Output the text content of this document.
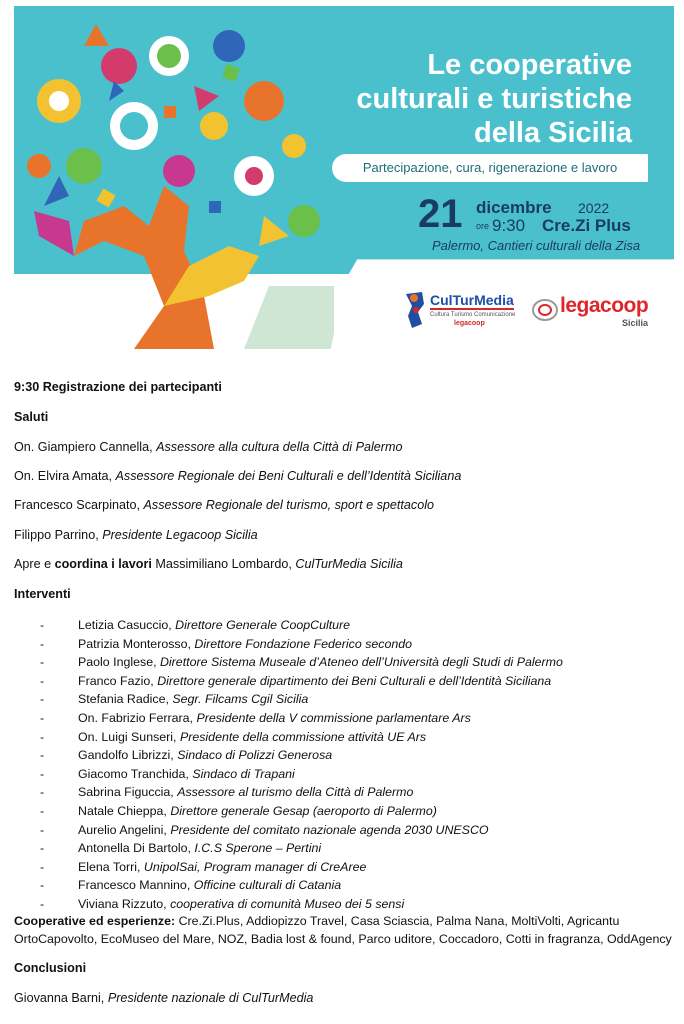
Le cooperative
culturali e turistiche
della Sicilia
Partecipazione, cura, rigenerazione e lavoro
21 dicembre 2022
ore 9:30 Cre.Zi Plus
Palermo, Cantieri culturali della Zisa
CulTurMedia
Cultura Turismo Comunicazione
legacoop
legacoop
Sicilia
9:30 Registrazione dei partecipanti
Saluti
On. Giampiero Cannella, Assessore alla cultura della Città di Palermo
On. Elvira Amata, Assessore Regionale dei Beni Culturali e dell’Identità Siciliana
Francesco Scarpinato, Assessore Regionale del turismo, sport e spettacolo
Filippo Parrino, Presidente Legacoop Sicilia
Apre e coordina i lavori Massimiliano Lombardo, CulTurMedia Sicilia
Interventi
-	Letizia Casuccio, Direttore Generale CoopCulture
-	Patrizia Monterosso, Direttore Fondazione Federico secondo
-	Paolo Inglese, Direttore Sistema Museale d’Ateneo dell’Università degli Studi di Palermo
-	Franco Fazio, Direttore generale dipartimento dei Beni Culturali e dell’Identità Siciliana
-	Stefania Radice, Segr. Filcams Cgil Sicilia
-	On. Fabrizio Ferrara, Presidente della V commissione parlamentare Ars
-	On. Luigi Sunseri, Presidente della commissione attività UE Ars
-	Gandolfo Librizzi, Sindaco di Polizzi Generosa
-	Giacomo Tranchida, Sindaco di Trapani
-	Sabrina Figuccia, Assessore al turismo della Città di Palermo
-	Natale Chieppa, Direttore generale Gesap (aeroporto di Palermo)
-	Aurelio Angelini, Presidente del comitato nazionale agenda 2030 UNESCO
-	Antonella Di Bartolo, I.C.S Sperone – Pertini
-	Elena Torri, UnipolSai, Program manager di CreAree
-	Francesco Mannino, Officine culturali di Catania
-	Viviana Rizzuto, cooperativa di comunità Museo dei 5 sensi
Cooperative ed esperienze: Cre.Zi.Plus, Addiopizzo Travel, Casa Sciascia, Palma Nana, MoltiVolti, Agricantu
OrtoCapovolto, EcoMuseo del Mare, NOZ, Badia lost & found, Parco uditore, Coccadoro, Cotti in fragranza, OddAgency
Conclusioni
Giovanna Barni, Presidente nazionale di CulTurMedia
